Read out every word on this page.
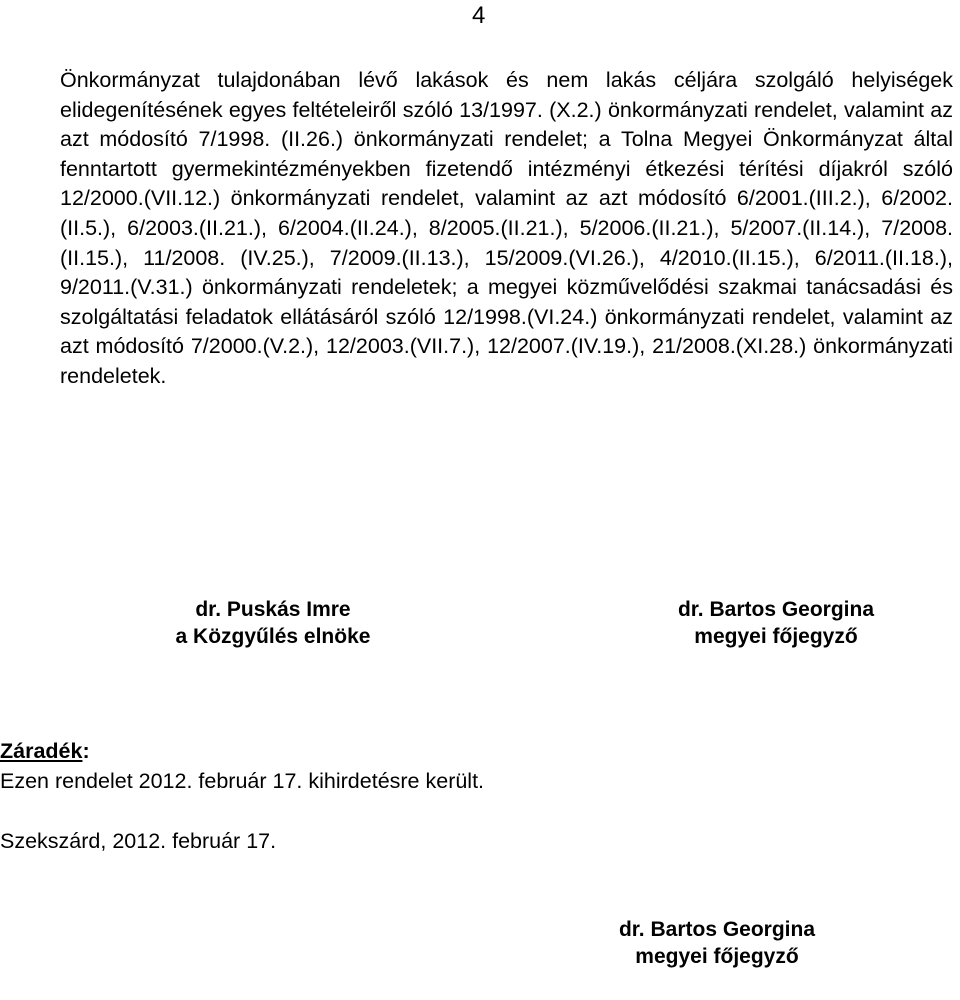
4

Önkormányzat tulajdonában lévő lakások és nem lakás céljára szolgáló helyiségek elidegenítésének egyes feltételeiről szóló 13/1997. (X.2.) önkormányzati rendelet, valamint az azt módosító 7/1998. (II.26.) önkormányzati rendelet; a Tolna Megyei Önkormányzat által fenntartott gyermekintézményekben fizetendő intézményi étkezési térítési díjakról szóló 12/2000.(VII.12.) önkormányzati rendelet, valamint az azt módosító 6/2001.(III.2.), 6/2002.(II.5.), 6/2003.(II.21.), 6/2004.(II.24.), 8/2005.(II.21.), 5/2006.(II.21.), 5/2007.(II.14.), 7/2008.(II.15.), 11/2008. (IV.25.), 7/2009.(II.13.), 15/2009.(VI.26.), 4/2010.(II.15.), 6/2011.(II.18.), 9/2011.(V.31.) önkormányzati rendeletek; a megyei közművelődési szakmai tanácsadási és szolgáltatási feladatok ellátásáról szóló 12/1998.(VI.24.) önkormányzati rendelet, valamint az azt módosító 7/2000.(V.2.), 12/2003.(VII.7.), 12/2007.(IV.19.), 21/2008.(XI.28.) önkormányzati rendeletek.

dr. Puskás Imre
a Közgyűlés elnöke
dr. Bartos Georgina
megyei főjegyző
Záradék:
Ezen rendelet 2012. február 17. kihirdetésre került.
Szekszárd, 2012. február 17.
dr. Bartos Georgina
megyei főjegyző
